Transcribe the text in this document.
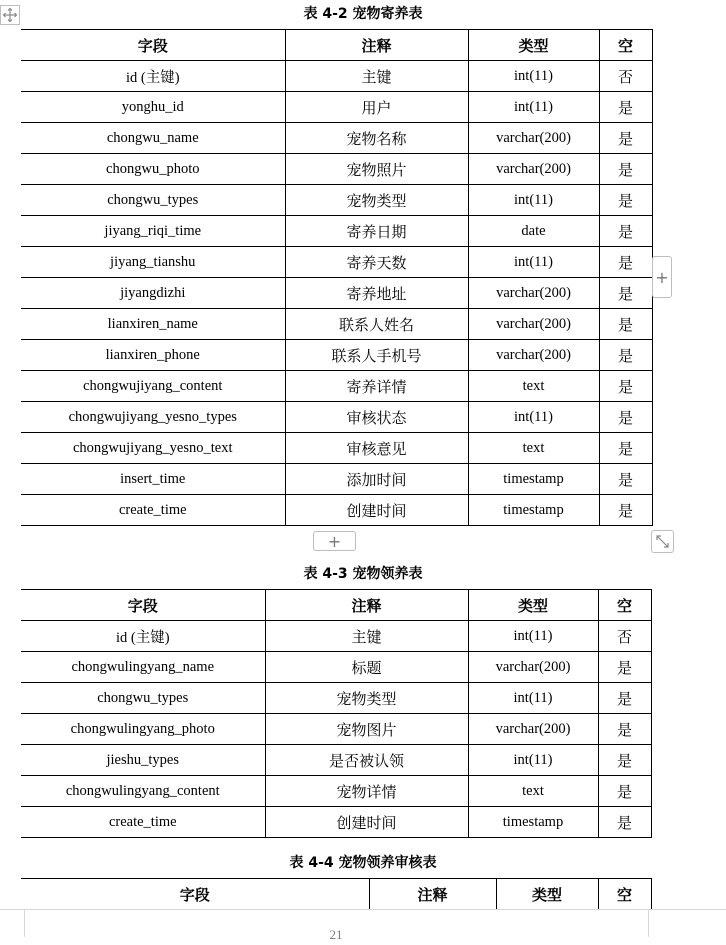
表 4-2 宠物寄养表
字段	注释	类型	空
id (主键)	主键	int(11)	否
yonghu_id	用户	int(11)	是
chongwu_name	宠物名称	varchar(200)	是
chongwu_photo	宠物照片	varchar(200)	是
chongwu_types	宠物类型	int(11)	是
jiyang_riqi_time	寄养日期	date	是
jiyang_tianshu	寄养天数	int(11)	是
jiyangdizhi	寄养地址	varchar(200)	是
lianxiren_name	联系人姓名	varchar(200)	是
lianxiren_phone	联系人手机号	varchar(200)	是
chongwujiyang_content	寄养详情	text	是
chongwujiyang_yesno_types	审核状态	int(11)	是
chongwujiyang_yesno_text	审核意见	text	是
insert_time	添加时间	timestamp	是
create_time	创建时间	timestamp	是
+
+
表 4-3 宠物领养表
字段	注释	类型	空
id (主键)	主键	int(11)	否
chongwulingyang_name	标题	varchar(200)	是
chongwu_types	宠物类型	int(11)	是
chongwulingyang_photo	宠物图片	varchar(200)	是
jieshu_types	是否被认领	int(11)	是
chongwulingyang_content	宠物详情	text	是
create_time	创建时间	timestamp	是
表 4-4 宠物领养审核表
字段	注释	类型	空
21
